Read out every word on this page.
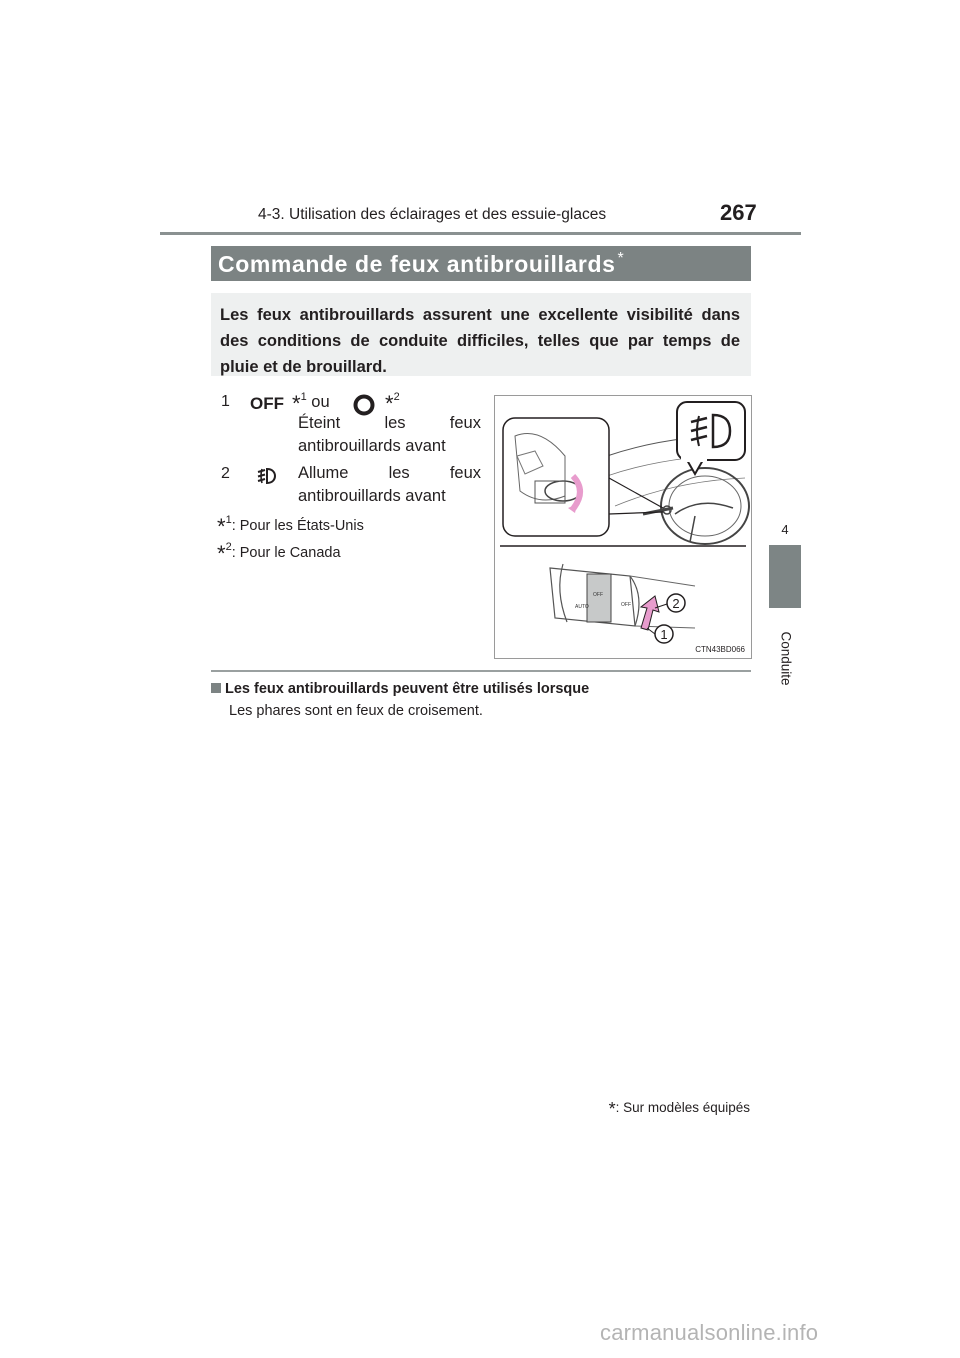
4-3. Utilisation des éclairages et des essuie-glaces	267
4
Conduite
Commande de feux antibrouillards *
Les feux antibrouillards assurent une excellente visibilité dans des conditions de conduite difficiles, telles que par temps de pluie et de brouillard.
1 OFF *$^1$ ou	*$^2$
Éteint	les	feux
antibrouillards avant
2	Allume les feux
antibrouillards avant
*$^1$: Pour les États-Unis
*$^2$: Pour le Canada
OFF
AUTO	OFF	2
1
CTN43BD066
Les feux antibrouillards peuvent être utilisés lorsque
Les phares sont en feux de croisement.
*: Sur modèles équipés
carmanualsonline.info
